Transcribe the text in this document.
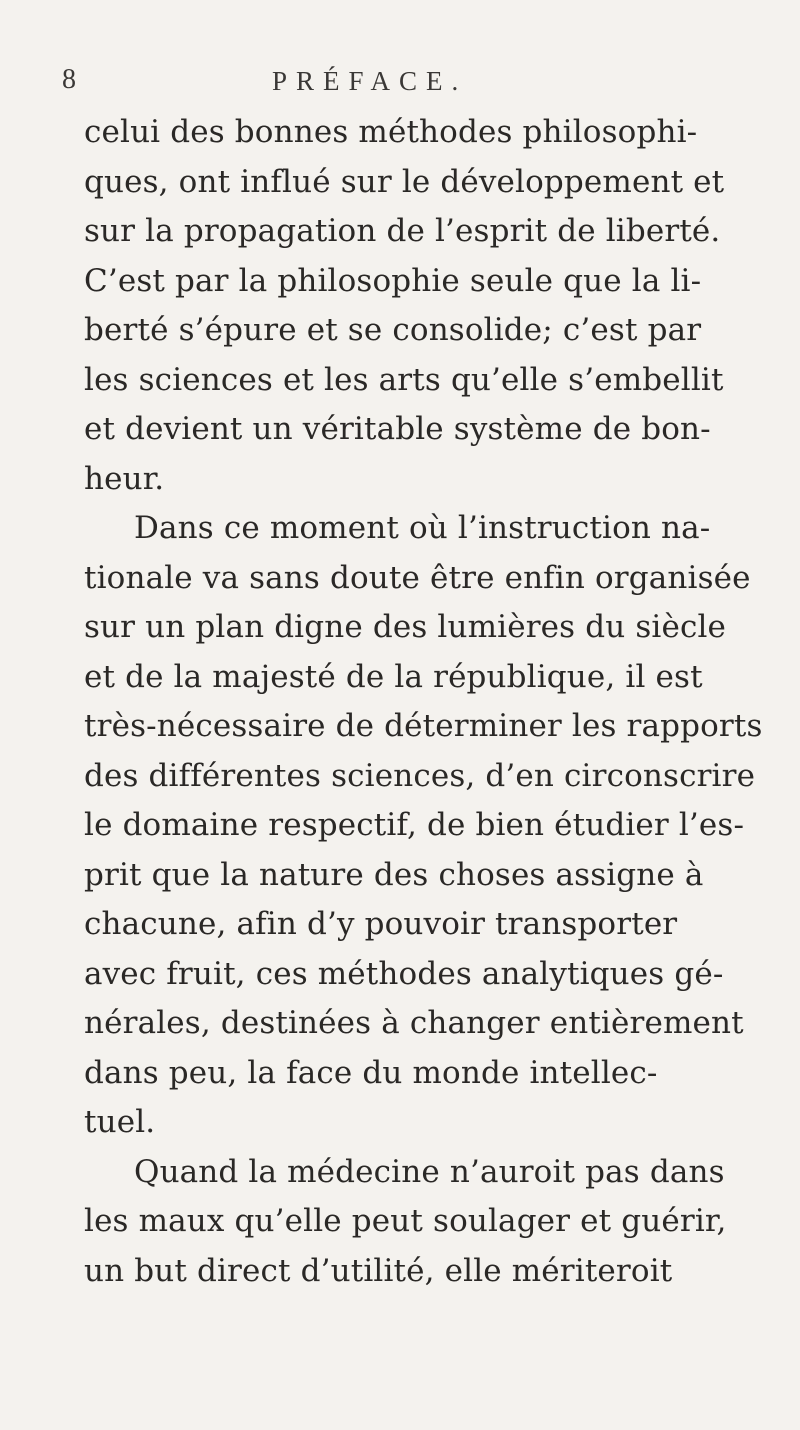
8	PRÉFACE.
celui des bonnes méthodes philosophi-
ques, ont influé sur le développement et
sur la propagation de l’esprit de liberté.
C’est par la philosophie seule que la li-
berté s’épure et se consolide; c’est par
les sciences et les arts qu’elle s’embellit
et devient un véritable système de bon-
heur.
Dans ce moment où l’instruction na-
tionale va sans doute être enfin organisée
sur un plan digne des lumières du siècle
et de la majesté de la république, il est
très-nécessaire de déterminer les rapports
des différentes sciences, d’en circonscrire
le domaine respectif, de bien étudier l’es-
prit que la nature des choses assigne à
chacune, afin d’y pouvoir transporter
avec fruit, ces méthodes analytiques gé-
nérales, destinées à changer entièrement
dans peu, la face du monde intellec-
tuel.
Quand la médecine n’auroit pas dans
les maux qu’elle peut soulager et guérir,
un but direct d’utilité, elle mériteroit
